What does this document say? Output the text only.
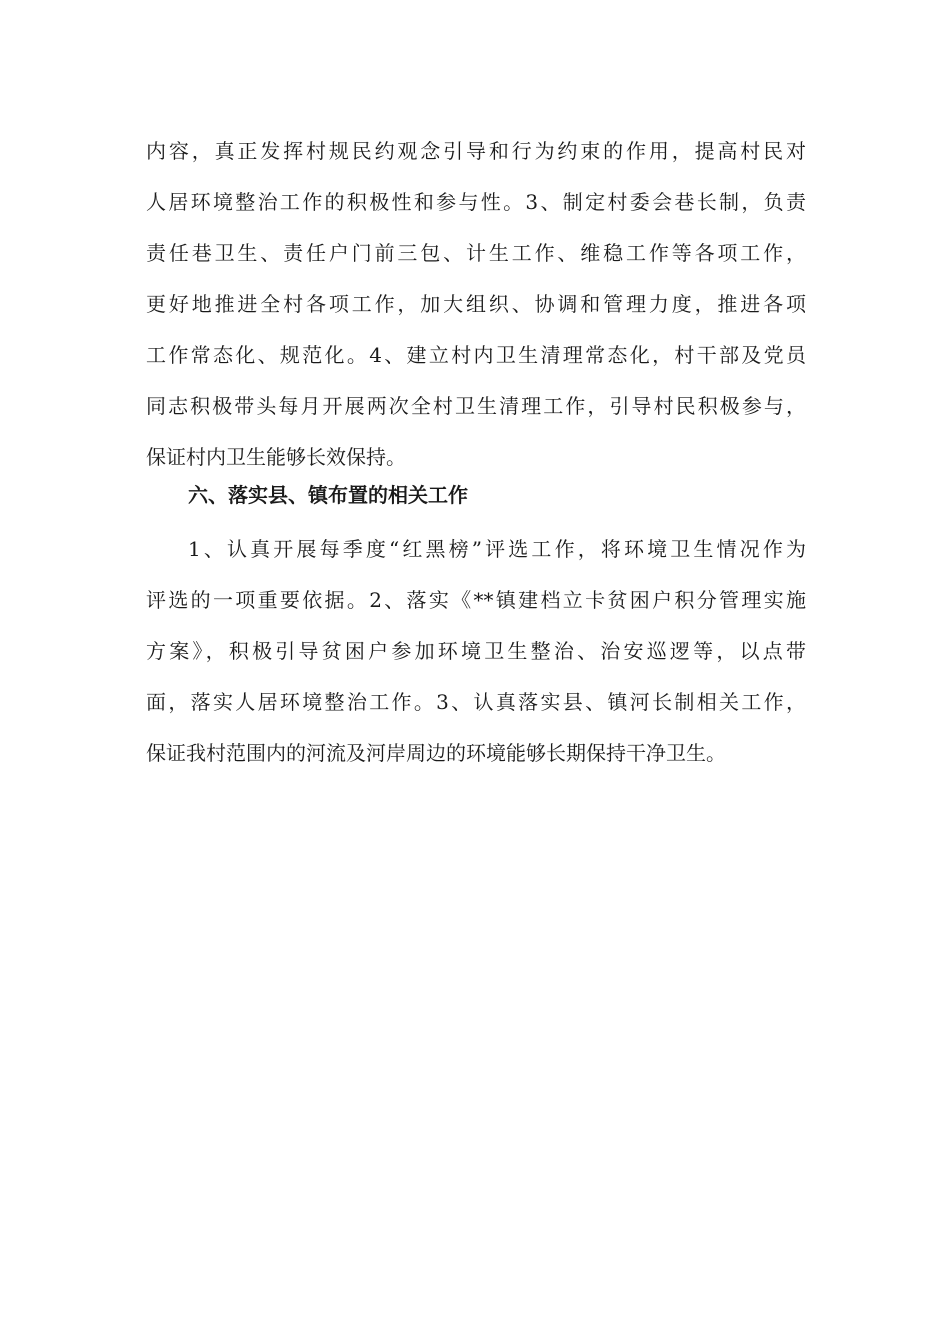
内容，真正发挥村规民约观念引导和行为约束的作用，提高村民对
人居环境整治工作的积极性和参与性。3、制定村委会巷长制，负责
责任巷卫生、责任户门前三包、计生工作、维稳工作等各项工作，
更好地推进全村各项工作，加大组织、协调和管理力度，推进各项
工作常态化、规范化。4、建立村内卫生清理常态化，村干部及党员
同志积极带头每月开展两次全村卫生清理工作，引导村民积极参与，
保证村内卫生能够长效保持。
六、落实县、镇布置的相关工作
1、认真开展每季度“红黑榜”评选工作，将环境卫生情况作为
评选的一项重要依据。2、落实《**镇建档立卡贫困户积分管理实施
方案》，积极引导贫困户参加环境卫生整治、治安巡逻等，以点带
面，落实人居环境整治工作。3、认真落实县、镇河长制相关工作，
保证我村范围内的河流及河岸周边的环境能够长期保持干净卫生。
